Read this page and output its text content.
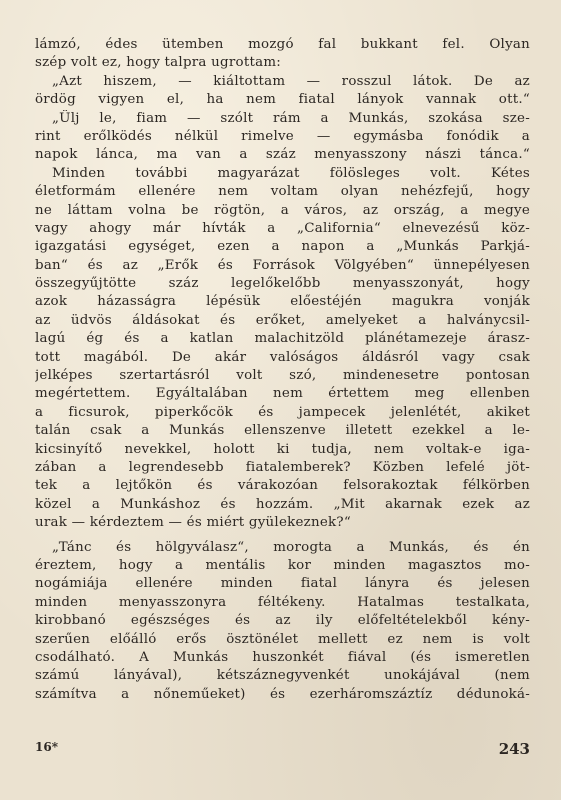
lámzó, édes ütemben mozgó fal bukkant fel. Olyan
szép volt ez, hogy talpra ugrottam:
„Azt hiszem, — kiáltottam — rosszul látok. De az
ördög vigyen el, ha nem fiatal lányok vannak ott.“
„Ülj le, fiam — szólt rám a Munkás, szokása sze-
rint erőlködés nélkül rimelve — egymásba fonódik a
napok lánca, ma van a száz menyasszony nászi tánca.“
Minden további magyarázat fölösleges volt. Kétes
életformám ellenére nem voltam olyan nehézfejű, hogy
ne láttam volna be rögtön, a város, az ország, a megye
vagy ahogy már hívták a „California“ elnevezésű köz-
igazgatási egységet, ezen a napon a „Munkás Parkjá-
ban“ és az „Erők és Források Völgyében“ ünnepélyesen
összegyűjtötte száz legelőkelőbb menyasszonyát, hogy
azok házasságra lépésük előestéjén magukra vonják
az üdvös áldásokat és erőket, amelyeket a halványcsil-
lagú ég és a katlan malachitzöld plánétamezeje árasz-
tott magából. De akár valóságos áldásról vagy csak
jelképes szertartásról volt szó, mindenesetre pontosan
megértettem. Egyáltalában nem értettem meg ellenben
a ficsurok, piperkőcök és jampecek jelenlétét, akiket
talán csak a Munkás ellenszenve illetett ezekkel a le-
kicsinyítő nevekkel, holott ki tudja, nem voltak-e iga-
zában a legrendesebb fiatalemberek? Közben lefelé jöt-
tek a lejtőkön és várakozóan felsorakoztak félkörben
közel a Munkáshoz és hozzám. „Mit akarnak ezek az
urak — kérdeztem — és miért gyülekeznek?“
„Tánc és hölgyválasz“, morogta a Munkás, és én
éreztem, hogy a mentális kor minden magasztos mo-
nogámiája ellenére minden fiatal lányra és jelesen
minden menyasszonyra féltékeny. Hatalmas testalkata,
kirobbanó egészséges és az ily előfeltételekből kény-
szerűen előálló erős ösztönélet mellett ez nem is volt
csodálható. A Munkás huszonkét fiával (és ismeretlen
számú lányával), kétszáznegyvenkét unokájával (nem
számítva a nőneműeket) és ezerháromszáztíz dédunoká-
16*	243
